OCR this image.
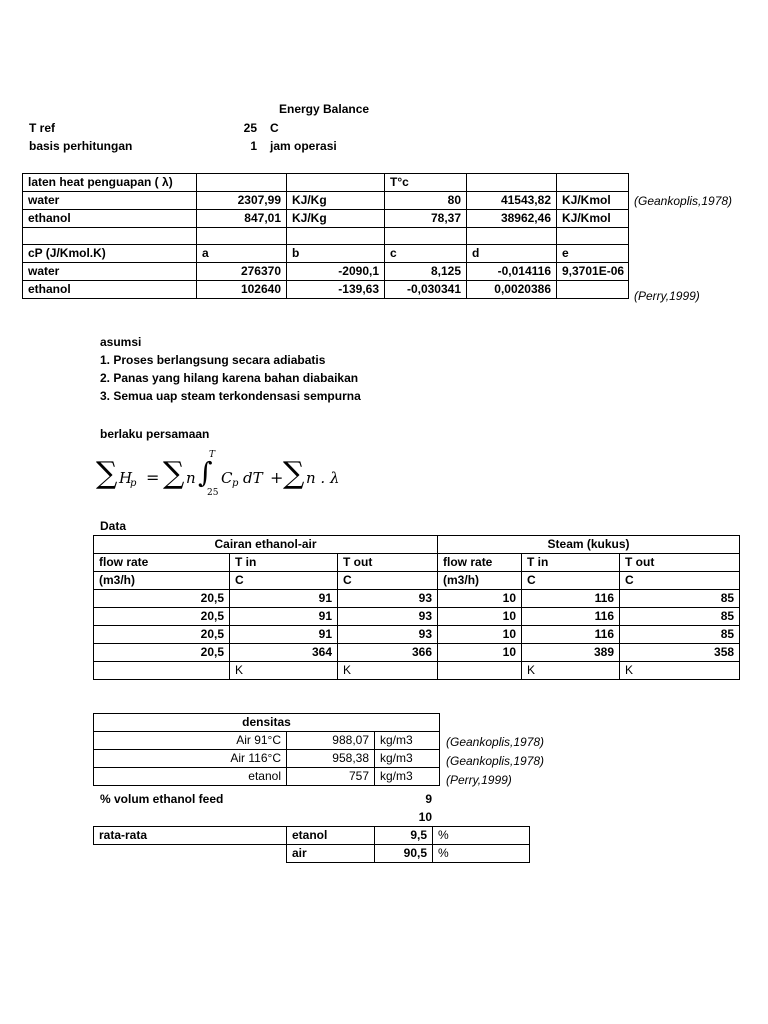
Energy Balance
T ref	25 C
basis perhitungan	1 jam operasi
laten heat penguapan ( λ)			T°c		
water	2307,99	KJ/Kg	80	41543,82	KJ/Kmol
ethanol	847,01	KJ/Kg	78,37	38962,46	KJ/Kmol

cP (J/Kmol.K)	a	b	c	d	e
water	276370	-2090,1	8,125	-0,014116	9,3701E-06
ethanol	102640	-139,63	-0,030341	0,0020386	
(Geankoplis,1978)
(Perry,1999)
asumsi
1. Proses berlangsung secara adiabatis
2. Panas yang hilang karena bahan diabaikan
3. Semua uap steam terkondensasi sempurna
berlaku persamaan
∑ H
p = ∑ n ∫
T
25
C p dT + ∑ n . λ
Data
Cairan ethanol-air			Steam (kukus)		
flow rate	T in	T out	flow rate	T in	T out
(m3/h)	C	C	(m3/h)	C	C
20,5	91	93	10	116	85
20,5	91	93	10	116	85
20,5	91	93	10	116	85
20,5	364	366	10	389	358
	K	K		K	K
densitas		
Air 91°C	988,07	kg/m3
Air 116°C	958,38	kg/m3
etanol	757	kg/m3
(Geankoplis,1978)
(Geankoplis,1978)
(Perry,1999)
% volum ethanol feed	9
10
rata-rata	etanol	9,5	%
	air	90,5	%
